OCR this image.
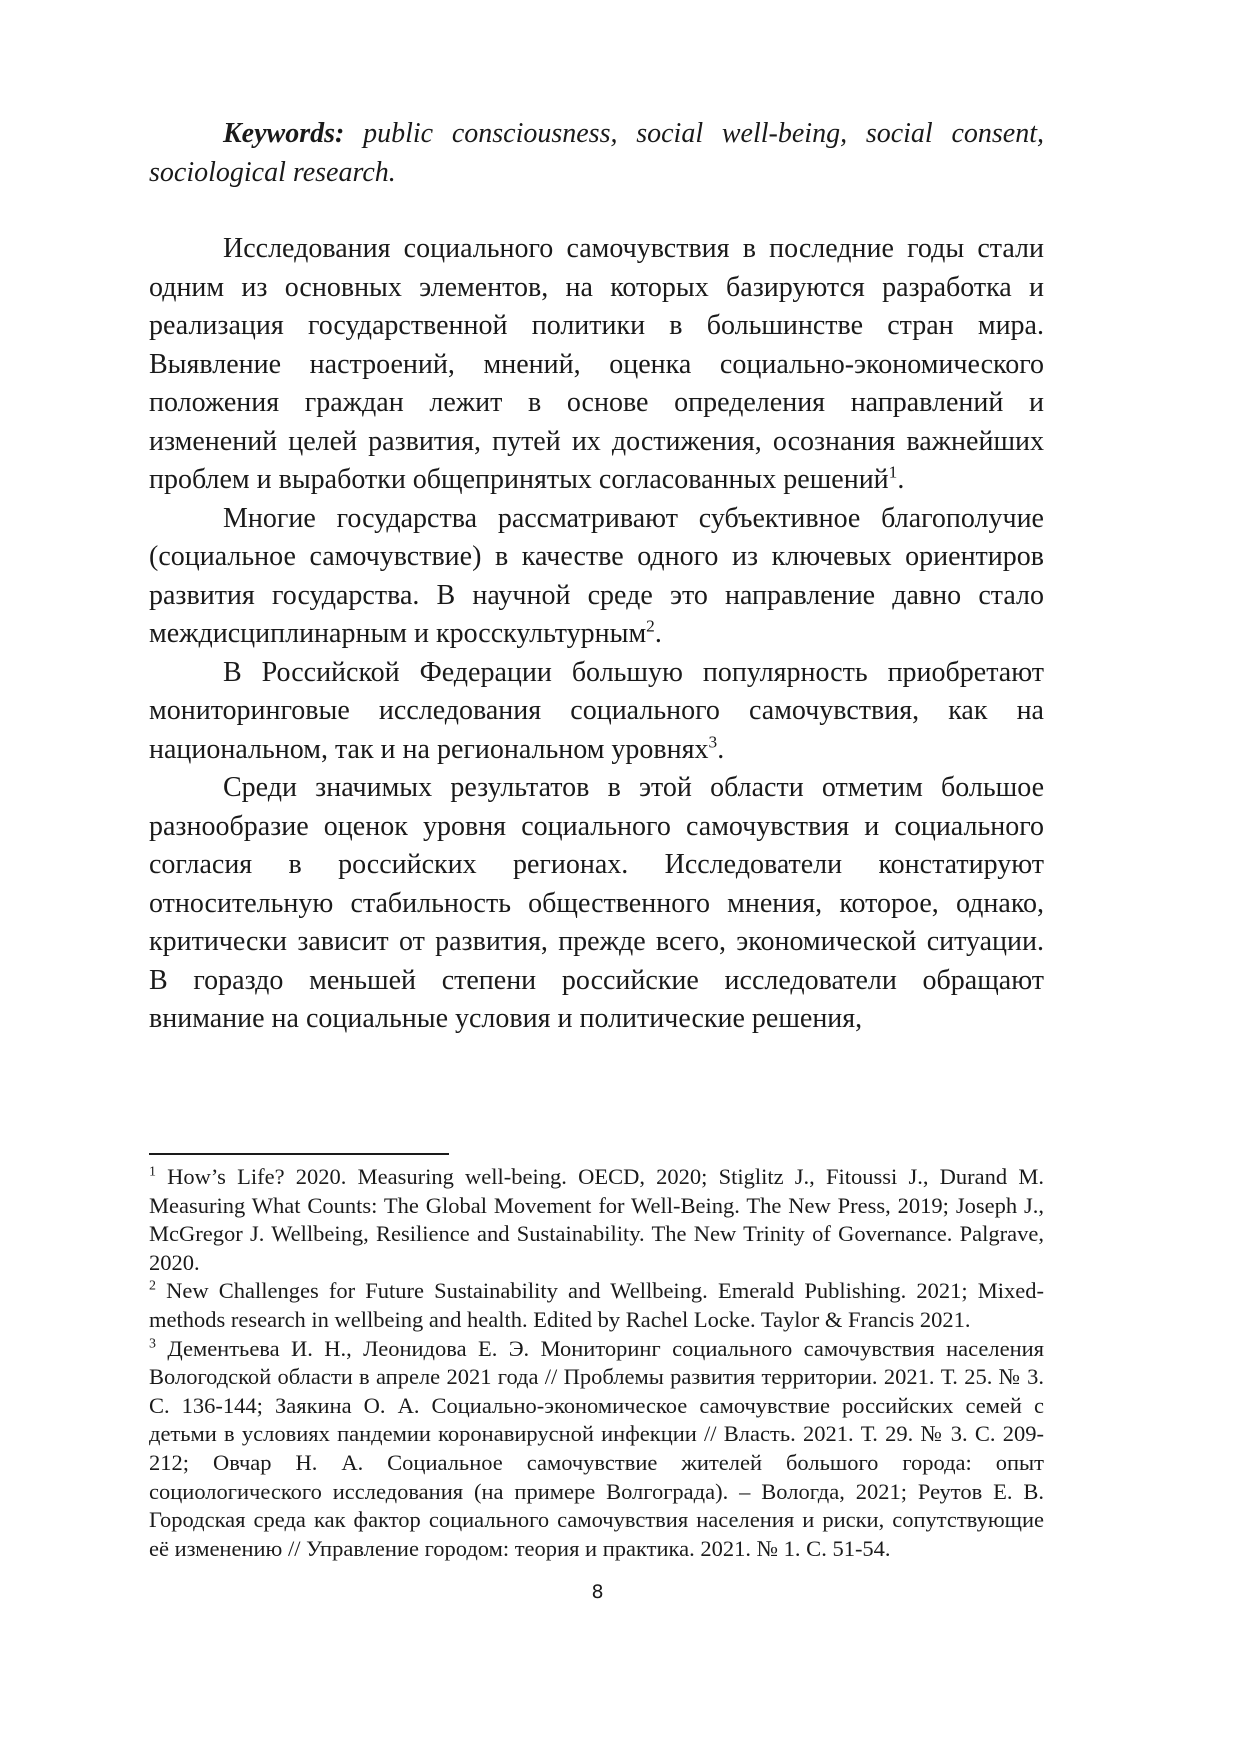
Keywords: public consciousness, social well-being, social consent, sociological research.

Исследования социального самочувствия в последние годы стали одним из основных элементов, на которых базируются разработка и реализация государственной политики в большинстве стран мира. Выявление настроений, мнений, оценка социально-экономического положения граждан лежит в основе определения направлений и изменений целей развития, путей их достижения, осознания важнейших проблем и выработки общепринятых согласованных решений$^1$.

Многие государства рассматривают субъективное благополучие (социальное самочувствие) в качестве одного из ключевых ориентиров развития государства. В научной среде это направление давно стало междисциплинарным и кросскультурным$^2$.

В Российской Федерации большую популярность приобретают мониторинговые исследования социального самочувствия, как на национальном, так и на региональном уровнях$^3$.

Среди значимых результатов в этой области отметим большое разнообразие оценок уровня социального самочувствия и социального согласия в российских регионах. Исследователи констатируют относительную стабильность общественного мнения, которое, однако, критически зависит от развития, прежде всего, экономической ситуации. В гораздо меньшей степени российские исследователи обращают внимание на социальные условия и политические решения,

$^1$ How’s Life? 2020. Measuring well-being. OECD, 2020; Stiglitz J., Fitoussi J., Durand M. Measuring What Counts: The Global Movement for Well-Being. The New Press, 2019; Joseph J., McGregor J. Wellbeing, Resilience and Sustainability. The New Trinity of Governance. Palgrave, 2020.

$^2$ New Challenges for Future Sustainability and Wellbeing. Emerald Publishing. 2021; Mixed-methods research in wellbeing and health. Edited by Rachel Locke. Taylor & Francis 2021.

$^3$ Дементьева И. Н., Леонидова Е. Э. Мониторинг социального самочувствия населения Вологодской области в апреле 2021 года // Проблемы развития территории. 2021. Т. 25. № 3. С. 136-144; Заякина О. А. Социально-экономическое самочувствие российских семей с детьми в условиях пандемии коронавирусной инфекции // Власть. 2021. Т. 29. № 3. С. 209-212; Овчар Н. А. Социальное самочувствие жителей большого города: опыт социологического исследования (на примере Волгограда). – Вологда, 2021; Реутов Е. В. Городская среда как фактор социального самочувствия населения и риски, сопутствующие её изменению // Управление городом: теория и практика. 2021. № 1. С. 51-54.

8
